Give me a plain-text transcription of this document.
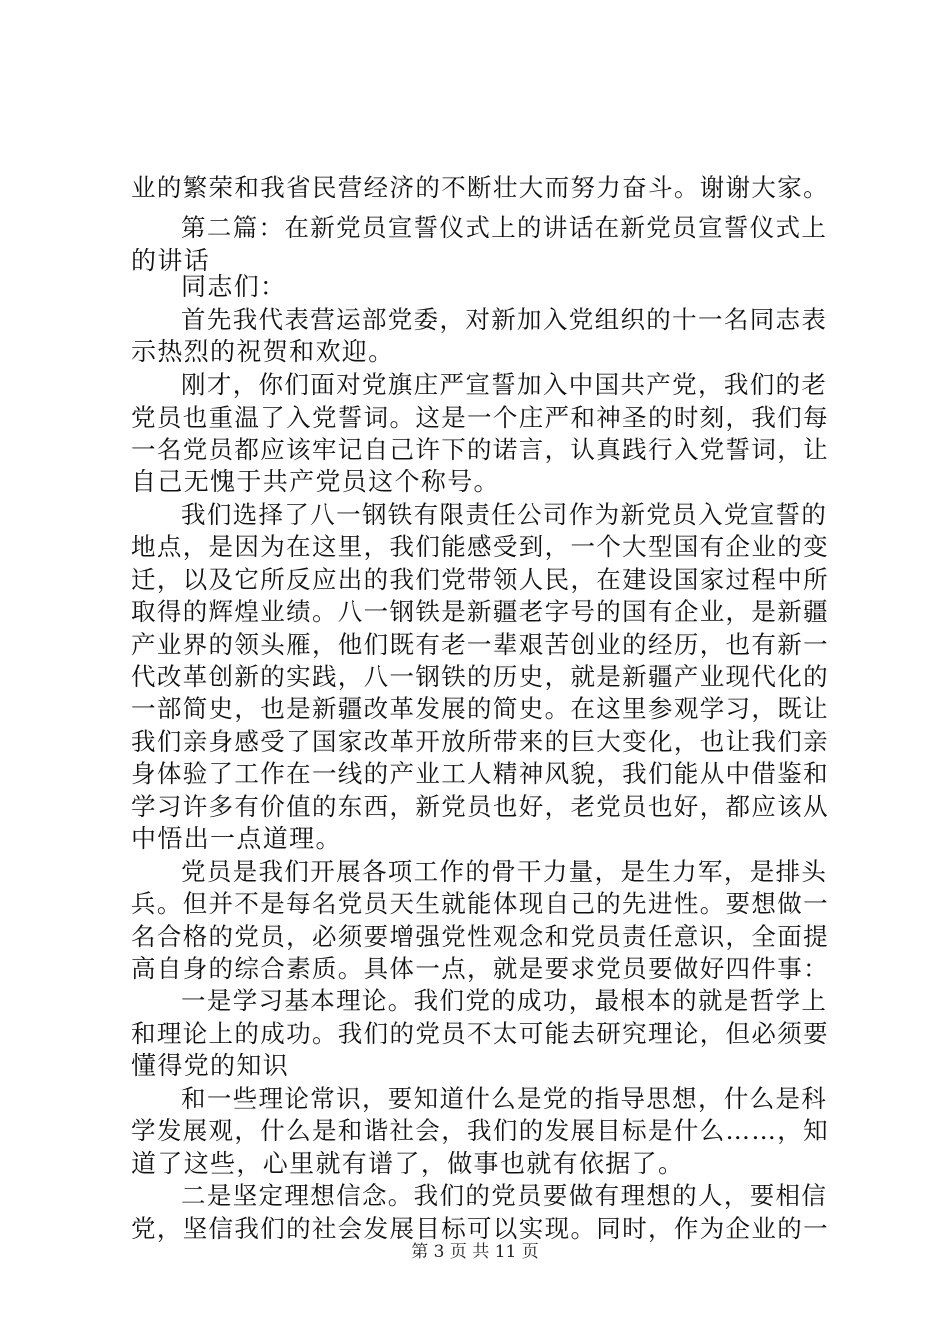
业的繁荣和我省民营经济的不断壮大而努力奋斗。谢谢大家。
第二篇：在新党员宣誓仪式上的讲话在新党员宣誓仪式上
的讲话
同志们：
首先我代表营运部党委，对新加入党组织的十一名同志表
示热烈的祝贺和欢迎。
刚才，你们面对党旗庄严宣誓加入中国共产党，我们的老
党员也重温了入党誓词。这是一个庄严和神圣的时刻，我们每
一名党员都应该牢记自己许下的诺言，认真践行入党誓词，让
自己无愧于共产党员这个称号。
我们选择了八一钢铁有限责任公司作为新党员入党宣誓的
地点，是因为在这里，我们能感受到，一个大型国有企业的变
迁，以及它所反应出的我们党带领人民，在建设国家过程中所
取得的辉煌业绩。八一钢铁是新疆老字号的国有企业，是新疆
产业界的领头雁，他们既有老一辈艰苦创业的经历，也有新一
代改革创新的实践，八一钢铁的历史，就是新疆产业现代化的
一部简史，也是新疆改革发展的简史。在这里参观学习，既让
我们亲身感受了国家改革开放所带来的巨大变化，也让我们亲
身体验了工作在一线的产业工人精神风貌，我们能从中借鉴和
学习许多有价值的东西，新党员也好，老党员也好，都应该从
中悟出一点道理。
党员是我们开展各项工作的骨干力量，是生力军，是排头
兵。但并不是每名党员天生就能体现自己的先进性。要想做一
名合格的党员，必须要增强党性观念和党员责任意识，全面提
高自身的综合素质。具体一点，就是要求党员要做好四件事：
一是学习基本理论。我们党的成功，最根本的就是哲学上
和理论上的成功。我们的党员不太可能去研究理论，但必须要
懂得党的知识
和一些理论常识，要知道什么是党的指导思想，什么是科
学发展观，什么是和谐社会，我们的发展目标是什么……，知
道了这些，心里就有谱了，做事也就有依据了。
二是坚定理想信念。我们的党员要做有理想的人，要相信
党，坚信我们的社会发展目标可以实现。同时，作为企业的一
第 3 页 共 11 页
